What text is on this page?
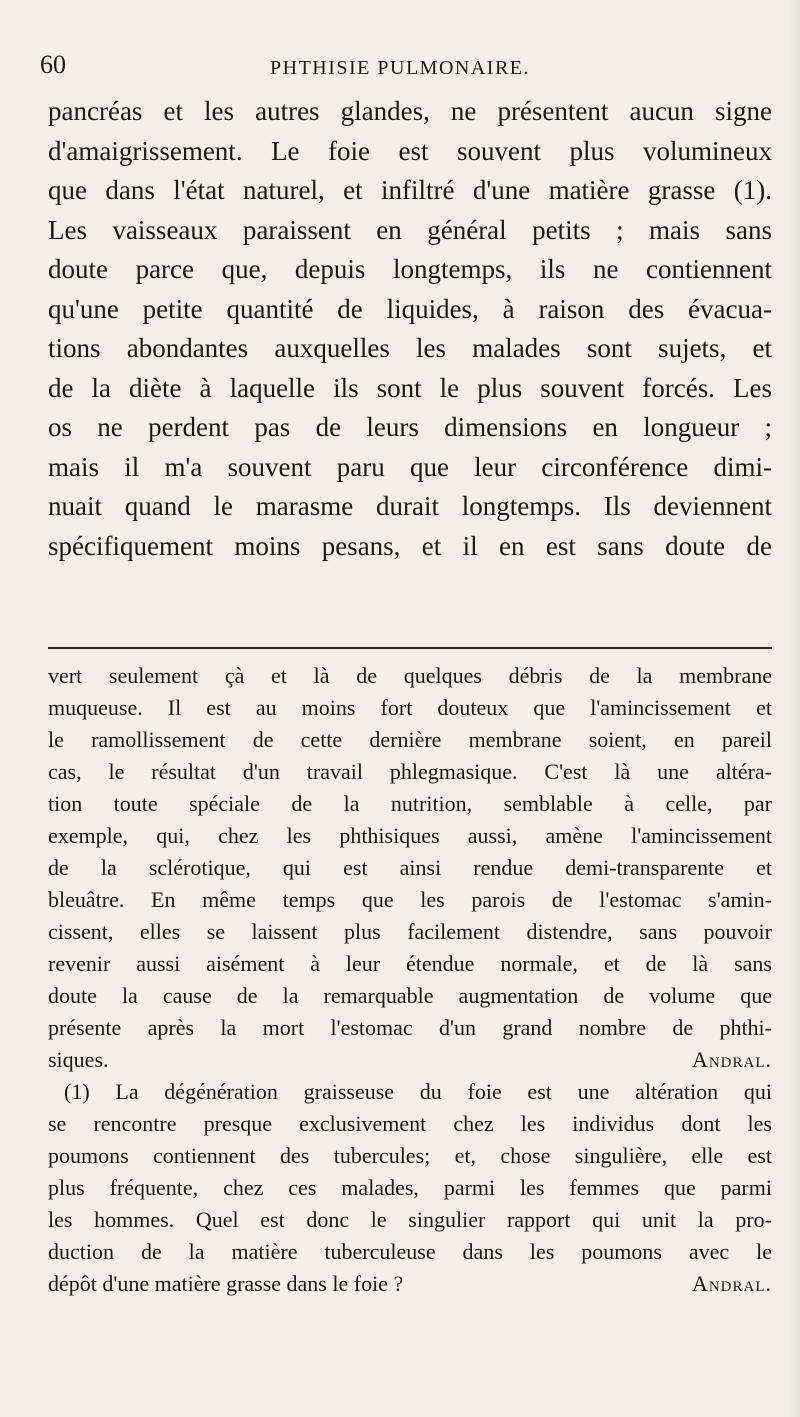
60	PHTHISIE PULMONAIRE.
pancréas et les autres glandes, ne présentent aucun signe
d'amaigrissement. Le foie est souvent plus volumineux
que dans l'état naturel, et infiltré d'une matière grasse (1).
Les vaisseaux paraissent en général petits ; mais sans
doute parce que, depuis longtemps, ils ne contiennent
qu'une petite quantité de liquides, à raison des évacua-
tions abondantes auxquelles les malades sont sujets, et
de la diète à laquelle ils sont le plus souvent forcés. Les
os ne perdent pas de leurs dimensions en longueur ;
mais il m'a souvent paru que leur circonférence dimi-
nuait quand le marasme durait longtemps. Ils deviennent
spécifiquement moins pesans, et il en est sans doute de
vert seulement çà et là de quelques débris de la membrane
muqueuse. Il est au moins fort douteux que l'amincissement et
le ramollissement de cette dernière membrane soient, en pareil
cas, le résultat d'un travail phlegmasique. C'est là une altéra-
tion toute spéciale de la nutrition, semblable à celle, par
exemple, qui, chez les phthisiques aussi, amène l'amincissement
de la sclérotique, qui est ainsi rendue demi-transparente et
bleuâtre. En même temps que les parois de l'estomac s'amin-
cissent, elles se laissent plus facilement distendre, sans pouvoir
revenir aussi aisément à leur étendue normale, et de là sans
doute la cause de la remarquable augmentation de volume que
présente après la mort l'estomac d'un grand nombre de phthi-
siques.	Andral.
(1) La dégénération graisseuse du foie est une altération qui
se rencontre presque exclusivement chez les individus dont les
poumons contiennent des tubercules; et, chose singulière, elle est
plus fréquente, chez ces malades, parmi les femmes que parmi
les hommes. Quel est donc le singulier rapport qui unit la pro-
duction de la matière tuberculeuse dans les poumons avec le
dépôt d'une matière grasse dans le foie ?	Andral.
